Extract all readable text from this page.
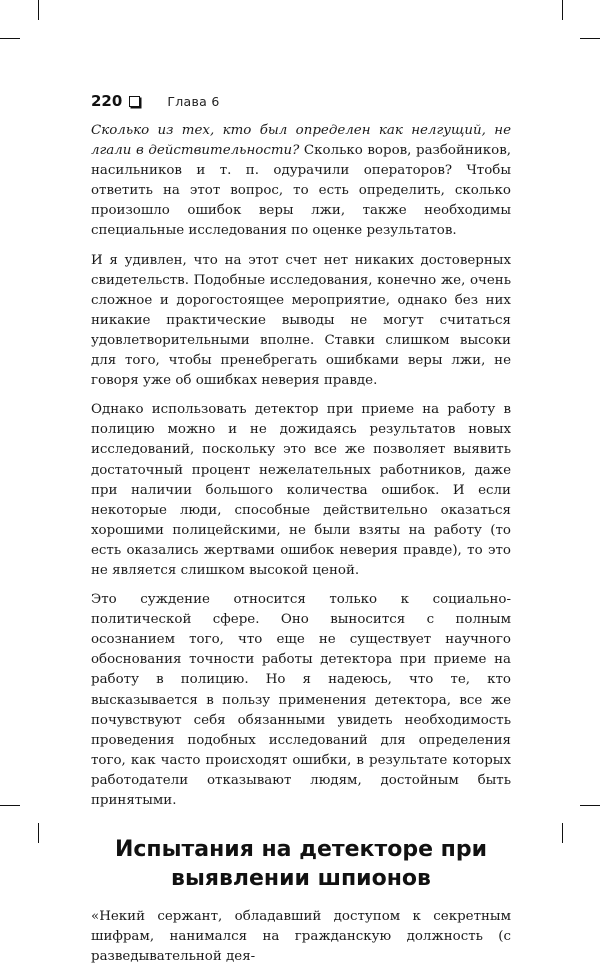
220	Глава 6

Сколько из тех, кто был определен как нелгущий, не лгали в действительности? Сколько воров, разбойников, насильников и т. п. одурачили операторов? Чтобы ответить на этот вопрос, то есть определить, сколько произошло ошибок веры лжи, также необходимы специальные исследования по оценке результатов.

И я удивлен, что на этот счет нет никаких достоверных свидетельств. Подобные исследования, конечно же, очень сложное и дорогостоящее мероприятие, однако без них никакие практические выводы не могут считаться удовлетворительными вполне. Ставки слишком высоки для того, чтобы пренебрегать ошибками веры лжи, не говоря уже об ошибках неверия правде.

Однако использовать детектор при приеме на работу в полицию можно и не дожидаясь результатов новых исследований, поскольку это все же позволяет выявить достаточный процент нежелательных работников, даже при наличии большого количества ошибок. И если некоторые люди, способные действительно оказаться хорошими полицейскими, не были взяты на работу (то есть оказались жертвами ошибок неверия правде), то это не является слишком высокой ценой.

Это суждение относится только к социально-политической сфере. Оно выносится с полным осознанием того, что еще не существует научного обоснования точности работы детектора при приеме на работу в полицию. Но я надеюсь, что те, кто высказывается в пользу применения детектора, все же почувствуют себя обязанными увидеть необходимость проведения подобных исследований для определения того, как часто происходят ошибки, в результате которых работодатели отказывают людям, достойным быть принятыми.

Испытания на детекторе при выявлении шпионов

«Некий сержант, обладавший доступом к секретным шифрам, нанимался на гражданскую должность (с разведывательной дея-
